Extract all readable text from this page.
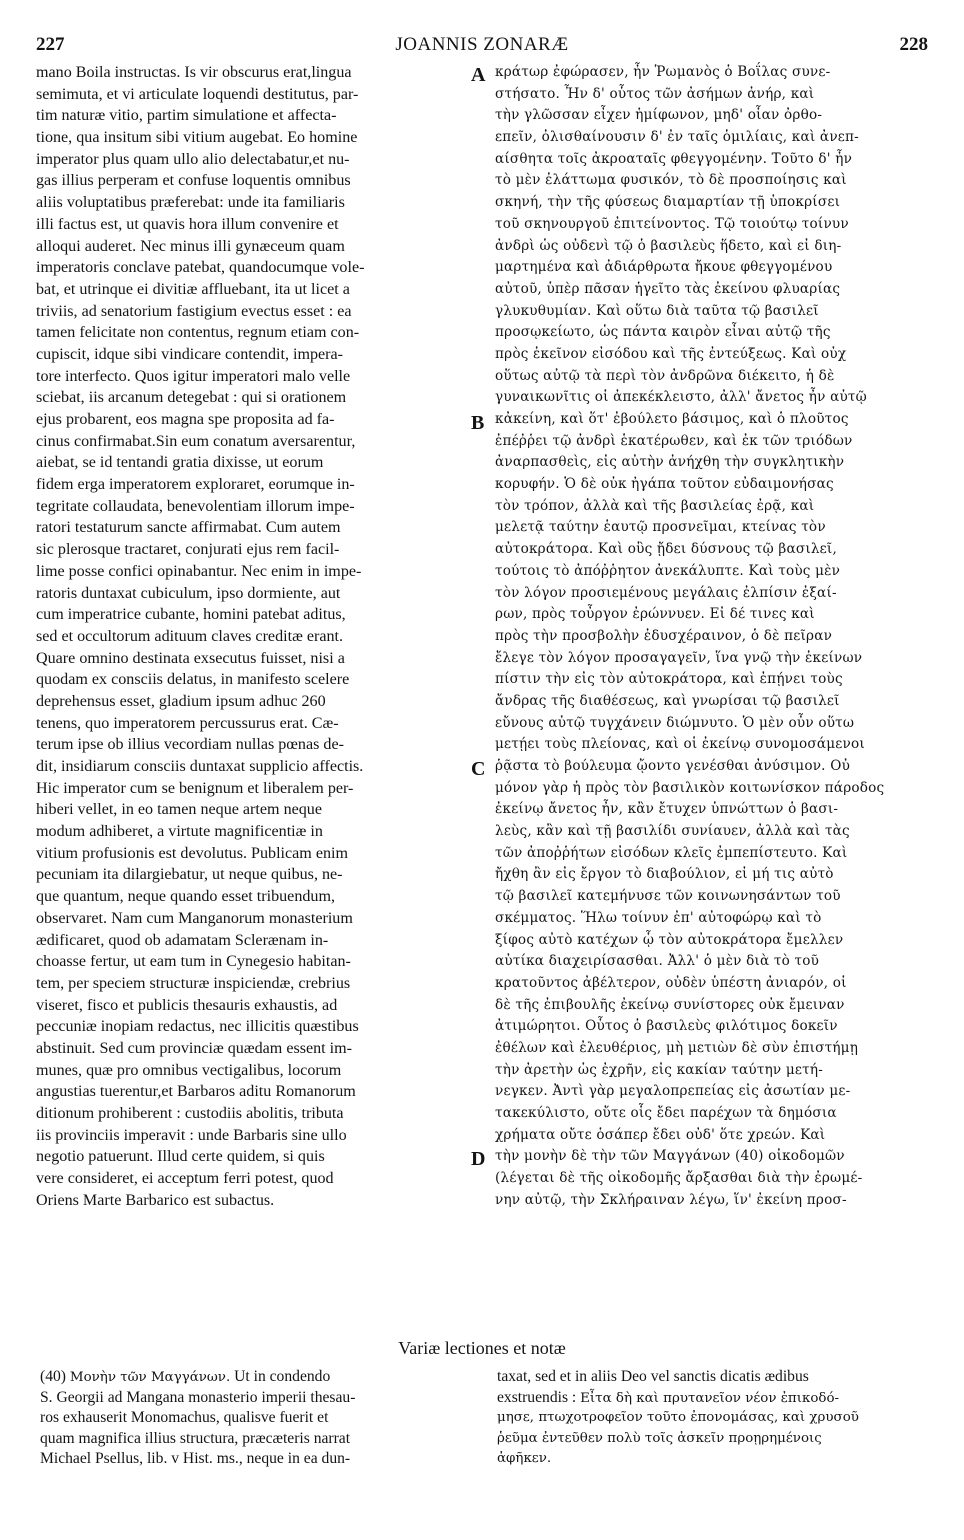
227	JOANNIS ZONARÆ	228
mano Boila instructas. Is vir obscurus erat,lingua
semimuta, et vi articulate loquendi destitutus, par-
tim naturæ vitio, partim simulatione et affecta-
tione, qua insitum sibi vitium augebat. Eo homine
imperator plus quam ullo alio delectabatur,et nu-
gas illius perperam et confuse loquentis omnibus
aliis voluptatibus præferebat: unde ita familiaris
illi factus est, ut quavis hora illum convenire et
alloqui auderet. Nec minus illi gynæceum quam
imperatoris conclave patebat, quandocumque vole-
bat, et utrinque ei divitiæ affluebant, ita ut licet a
triviis, ad senatorium fastigium evectus esset : ea
tamen felicitate non contentus, regnum etiam con-
cupiscit, idque sibi vindicare contendit, impera-
tore interfecto. Quos igitur imperatori malo velle
sciebat, iis arcanum detegebat : qui si orationem
ejus probarent, eos magna spe proposita ad fa-
cinus confirmabat.Sin eum conatum aversarentur,
aiebat, se id tentandi gratia dixisse, ut eorum
fidem erga imperatorem exploraret, eorumque in-
tegritate collaudata, benevolentiam illorum impe-
ratori testaturum sancte affirmabat. Cum autem
sic plerosque tractaret, conjurati ejus rem facil-
lime posse confici opinabantur. Nec enim in impe-
ratoris duntaxat cubiculum, ipso dormiente, aut
cum imperatrice cubante, homini patebat aditus,
sed et occultorum adituum claves creditæ erant.
Quare omnino destinata exsecutus fuisset, nisi a
quodam ex consciis delatus, in manifesto scelere
deprehensus esset, gladium ipsum adhuc 260
tenens, quo imperatorem percussurus erat. Cæ-
terum ipse ob illius vecordiam nullas pœnas de-
dit, insidiarum consciis duntaxat supplicio affectis.
Hic imperator cum se benignum et liberalem per-
hiberi vellet, in eo tamen neque artem neque
modum adhiberet, a virtute magnificentiæ in
vitium profusionis est devolutus. Publicam enim
pecuniam ita dilargiebatur, ut neque quibus, ne-
que quantum, neque quando esset tribuendum,
observaret. Nam cum Manganorum monasterium
ædificaret, quod ob adamatam Sclerænam in-
choasse fertur, ut eam tum in Cynegesio habitan-
tem, per speciem structuræ inspiciendæ, crebrius
viseret, fisco et publicis thesauris exhaustis, ad
peccuniæ inopiam redactus, nec illicitis quæstibus
abstinuit. Sed cum provinciæ quædam essent im-
munes, quæ pro omnibus vectigalibus, locorum
angustias tuerentur,et Barbaros aditu Romanorum
ditionum prohiberent : custodiis abolitis, tributa
iis provinciis imperavit : unde Barbaris sine ullo
negotio patuerunt. Illud certe quidem, si quis
vere consideret, ei acceptum ferri potest, quod
Oriens Marte Barbarico est subactus.
κράτωρ ἐφώρασεν, ἦν Ῥωμανὸς ὁ Βοΐλας συνε-
στήσατο. Ἦν δ' οὗτος τῶν ἀσήμων ἀνήρ, καὶ
τὴν γλῶσσαν εἶχεν ἡμίφωνον, μηδ' οἷαν ὀρθο-
επεῖν, ὀλισθαίνουσιν δ' ἐν ταῖς ὁμιλίαις, καὶ ἀνεπ-
αίσθητα τοῖς ἀκροαταῖς φθεγγομένην. Τοῦτο δ' ἦν
τὸ μὲν ἐλάττωμα φυσικόν, τὸ δὲ προσποίησις καὶ
σκηνή, τὴν τῆς φύσεως διαμαρτίαν τῇ ὑποκρίσει
τοῦ σκηνουργοῦ ἐπιτείνοντος. Τῷ τοιούτῳ τοίνυν
ἀνδρὶ ὡς οὐδενὶ τῷ ὁ βασιλεὺς ἥδετο, καὶ εἰ διη-
μαρτημένα καὶ ἀδιάρθρωτα ἤκουε φθεγγομένου
αὐτοῦ, ὑπὲρ πᾶσαν ἡγεῖτο τὰς ἐκείνου φλυαρίας
γλυκυθυμίαν. Καὶ οὕτω διὰ ταῦτα τῷ βασιλεῖ
προσῳκείωτο, ὡς πάντα καιρὸν εἶναι αὐτῷ τῆς
πρὸς ἐκεῖνον εἰσόδου καὶ τῆς ἐντεύξεως. Καὶ οὐχ
οὕτως αὐτῷ τὰ περὶ τὸν ἀνδρῶνα διέκειτο, ἡ δὲ
γυναικωνῖτις οἱ ἀπεκέκλειστο, ἀλλ' ἄνετος ἦν αὐτῷ
κἀκείνη, καὶ ὅτ' ἐβούλετο βάσιμος, καὶ ὁ πλοῦτος
ἐπέῤῥει τῷ ἀνδρὶ ἑκατέρωθεν, καὶ ἐκ τῶν τριόδων
ἀναρπασθεὶς, εἰς αὐτὴν ἀνήχθη τὴν συγκλητικὴν
κορυφήν. Ὁ δὲ οὐκ ἠγάπα τοῦτον εὐδαιμονήσας
τὸν τρόπον, ἀλλὰ καὶ τῆς βασιλείας ἐρᾷ, καὶ
μελετᾷ ταύτην ἑαυτῷ προσνεῖμαι, κτείνας τὸν
αὐτοκράτορα. Καὶ οὓς ᾔδει δύσνους τῷ βασιλεῖ,
τούτοις τὸ ἀπόῤῥητον ἀνεκάλυπτε. Καὶ τοὺς μὲν
τὸν λόγον προσιεμένους μεγάλαις ἐλπίσιν ἐξαί-
ρων, πρὸς τοὖργον ἐρώννυεν. Εἰ δέ τινες καὶ
πρὸς τὴν προσβολὴν ἐδυσχέραινον, ὁ δὲ πεῖραν
ἔλεγε τὸν λόγον προσαγαγεῖν, ἵνα γνῷ τὴν ἐκείνων
πίστιν τὴν εἰς τὸν αὐτοκράτορα, καὶ ἐπῄνει τοὺς
ἄνδρας τῆς διαθέσεως, καὶ γνωρίσαι τῷ βασιλεῖ
εὔνους αὐτῷ τυγχάνειν διώμνυτο. Ὁ μὲν οὖν οὕτω
μετῄει τοὺς πλείονας, καὶ οἱ ἐκείνῳ συνομοσάμενοι
ῥᾷστα τὸ βούλευμα ᾤοντο γενέσθαι ἀνύσιμον. Οὐ
μόνον γὰρ ἡ πρὸς τὸν βασιλικὸν κοιτωνίσκον πάροδος
ἐκείνῳ ἄνετος ἦν, κἂν ἔτυχεν ὑπνώττων ὁ βασι-
λεὺς, κἂν καὶ τῇ βασιλίδι συνίαυεν, ἀλλὰ καὶ τὰς
τῶν ἀποῤῥήτων εἰσόδων κλεῖς ἐμπεπίστευτο. Καὶ
ἤχθη ἂν εἰς ἔργον τὸ διαβούλιον, εἰ μή τις αὐτὸ
τῷ βασιλεῖ κατεμήνυσε τῶν κοινωνησάντων τοῦ
σκέμματος. Ἥλω τοίνυν ἐπ' αὐτοφώρῳ καὶ τὸ
ξίφος αὐτὸ κατέχων ᾧ τὸν αὐτοκράτορα ἔμελλεν
αὐτίκα διαχειρίσασθαι. Ἀλλ' ὁ μὲν διὰ τὸ τοῦ
κρατοῦντος ἀβέλτερον, οὐδὲν ὑπέστη ἀνιαρόν, οἱ
δὲ τῆς ἐπιβουλῆς ἐκείνῳ συνίστορες οὐκ ἔμειναν
ἀτιμώρητοι. Οὗτος ὁ βασιλεὺς φιλότιμος δοκεῖν
ἐθέλων καὶ ἐλευθέριος, μὴ μετιὼν δὲ σὺν ἐπιστήμῃ
τὴν ἀρετὴν ὡς ἐχρῆν, εἰς κακίαν ταύτην μετή-
νεγκεν. Ἀντὶ γὰρ μεγαλοπρεπείας εἰς ἀσωτίαν με-
τακεκύλιστο, οὔτε οἷς ἔδει παρέχων τὰ δημόσια
χρήματα οὔτε ὁσάπερ ἔδει οὐδ' ὅτε χρεών. Καὶ
τὴν μονὴν δὲ τὴν τῶν Μαγγάνων (40) οἰκοδομῶν
(λέγεται δὲ τῆς οἰκοδομῆς ἄρξασθαι διὰ τὴν ἐρωμέ-
νην αὐτῷ, τὴν Σκλήραιναν λέγω, ἵν' ἐκείνη προσ-
A
B
C
D
Variæ lectiones et notæ
(40) Μονὴν τῶν Μαγγάνων. Ut in condendo
S. Georgii ad Mangana monasterio imperii thesau-
ros exhauserit Monomachus, qualisve fuerit et
quam magnifica illius structura, præcæteris narrat
Michael Psellus, lib. v Hist. ms., neque in ea dun-
taxat, sed et in aliis Deo vel sanctis dicatis ædibus
exstruendis : Εἶτα δὴ καὶ πρυτανεῖον νέον ἐπικοδό-
μησε, πτωχοτροφεῖον τοῦτο ἐπονομάσας, καὶ χρυσοῦ
ῥεῦμα ἐντεῦθεν πολὺ τοῖς ἀσκεῖν προῃρημένοις
ἀφῆκεν.
